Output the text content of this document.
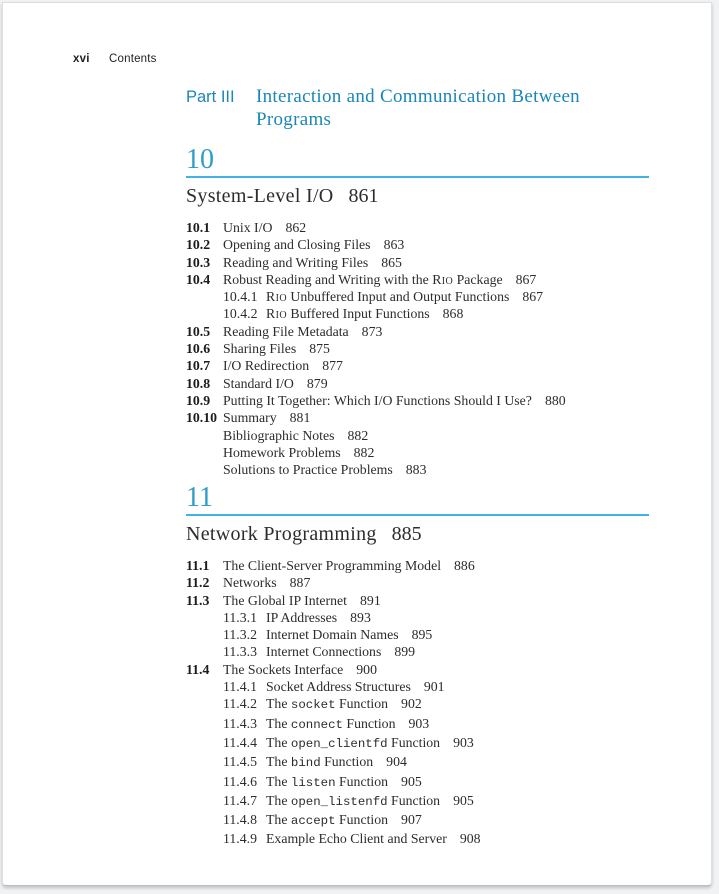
xvi Contents
Part III	Interaction and Communication Between Programs
10
System-Level I/O 861
10.1 Unix I/O 862
10.2 Opening and Closing Files 863
10.3 Reading and Writing Files 865
10.4 Robust Reading and Writing with the Rio Package 867
10.4.1 Rio Unbuffered Input and Output Functions 867
10.4.2 Rio Buffered Input Functions 868
10.5 Reading File Metadata 873
10.6 Sharing Files 875
10.7 I/O Redirection 877
10.8 Standard I/O 879
10.9 Putting It Together: Which I/O Functions Should I Use? 880
10.10 Summary 881
Bibliographic Notes 882
Homework Problems 882
Solutions to Practice Problems 883
11
Network Programming 885
11.1 The Client-Server Programming Model 886
11.2 Networks 887
11.3 The Global IP Internet 891
11.3.1 IP Addresses 893
11.3.2 Internet Domain Names 895
11.3.3 Internet Connections 899
11.4 The Sockets Interface 900
11.4.1 Socket Address Structures 901
11.4.2 The socket Function 902
11.4.3 The connect Function 903
11.4.4 The open_clientfd Function 903
11.4.5 The bind Function 904
11.4.6 The listen Function 905
11.4.7 The open_listenfd Function 905
11.4.8 The accept Function 907
11.4.9 Example Echo Client and Server 908
